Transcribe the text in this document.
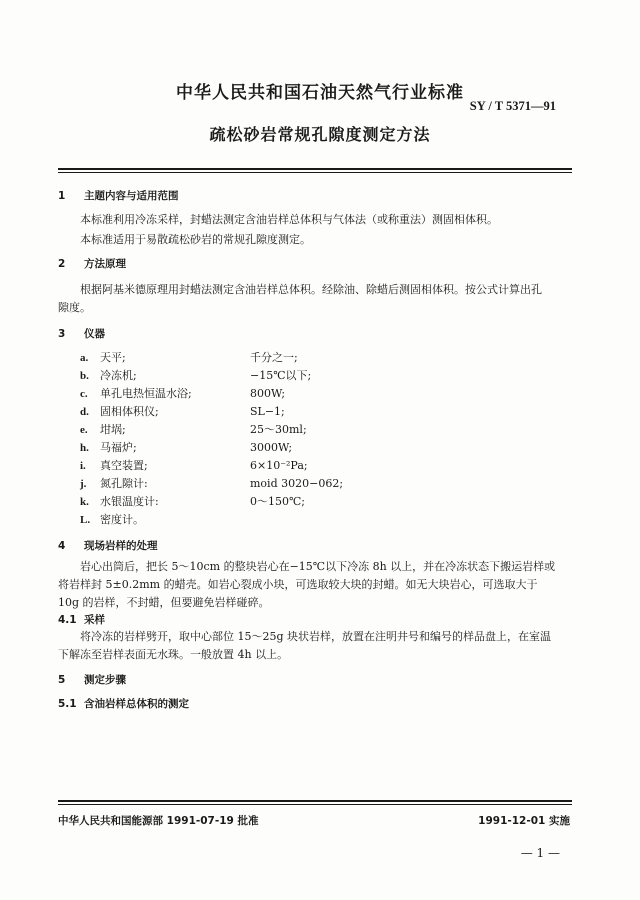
中华人民共和国石油天然气行业标准
SY / T 5371—91
疏松砂岩常规孔隙度测定方法
1 主题内容与适用范围
本标准利用冷冻采样，封蜡法测定含油岩样总体积与气体法（或称重法）测固相体积。
本标准适用于易散疏松砂岩的常规孔隙度测定。
2 方法原理
根据阿基米德原理用封蜡法测定含油岩样总体积。经除油、除蜡后测固相体积。按公式计算出孔
隙度。
3 仪器
a.	天平;	千分之一;
b.	冷冻机;	−15℃以下;
c.	单孔电热恒温水浴;	800W;
d.	固相体积仪;	SL−1;
e.	坩埚;	25～30ml;
h.	马福炉;	3000W;
i.	真空装置;	6×10⁻²Pa;
j.	氮孔隙计:	moid 3020−062;
k.	水银温度计:	0～150℃;
L. 密度计。
4 现场岩样的处理
岩心出筒后，把长 5～10cm 的整块岩心在−15℃以下冷冻 8h 以上，并在冷冻状态下搬运岩样或
将岩样封 5±0.2mm 的蜡壳。如岩心裂成小块，可选取较大块的封蜡。如无大块岩心，可选取大于
10g 的岩样，不封蜡，但要避免岩样碰碎。
4.1 采样
将冷冻的岩样劈开，取中心部位 15～25g 块状岩样，放置在注明井号和编号的样品盘上，在室温
下解冻至岩样表面无水珠。一般放置 4h 以上。
5 测定步骤
5.1 含油岩样总体积的测定
中华人民共和国能源部 1991-07-19 批准	1991-12-01 实施
— 1 —
